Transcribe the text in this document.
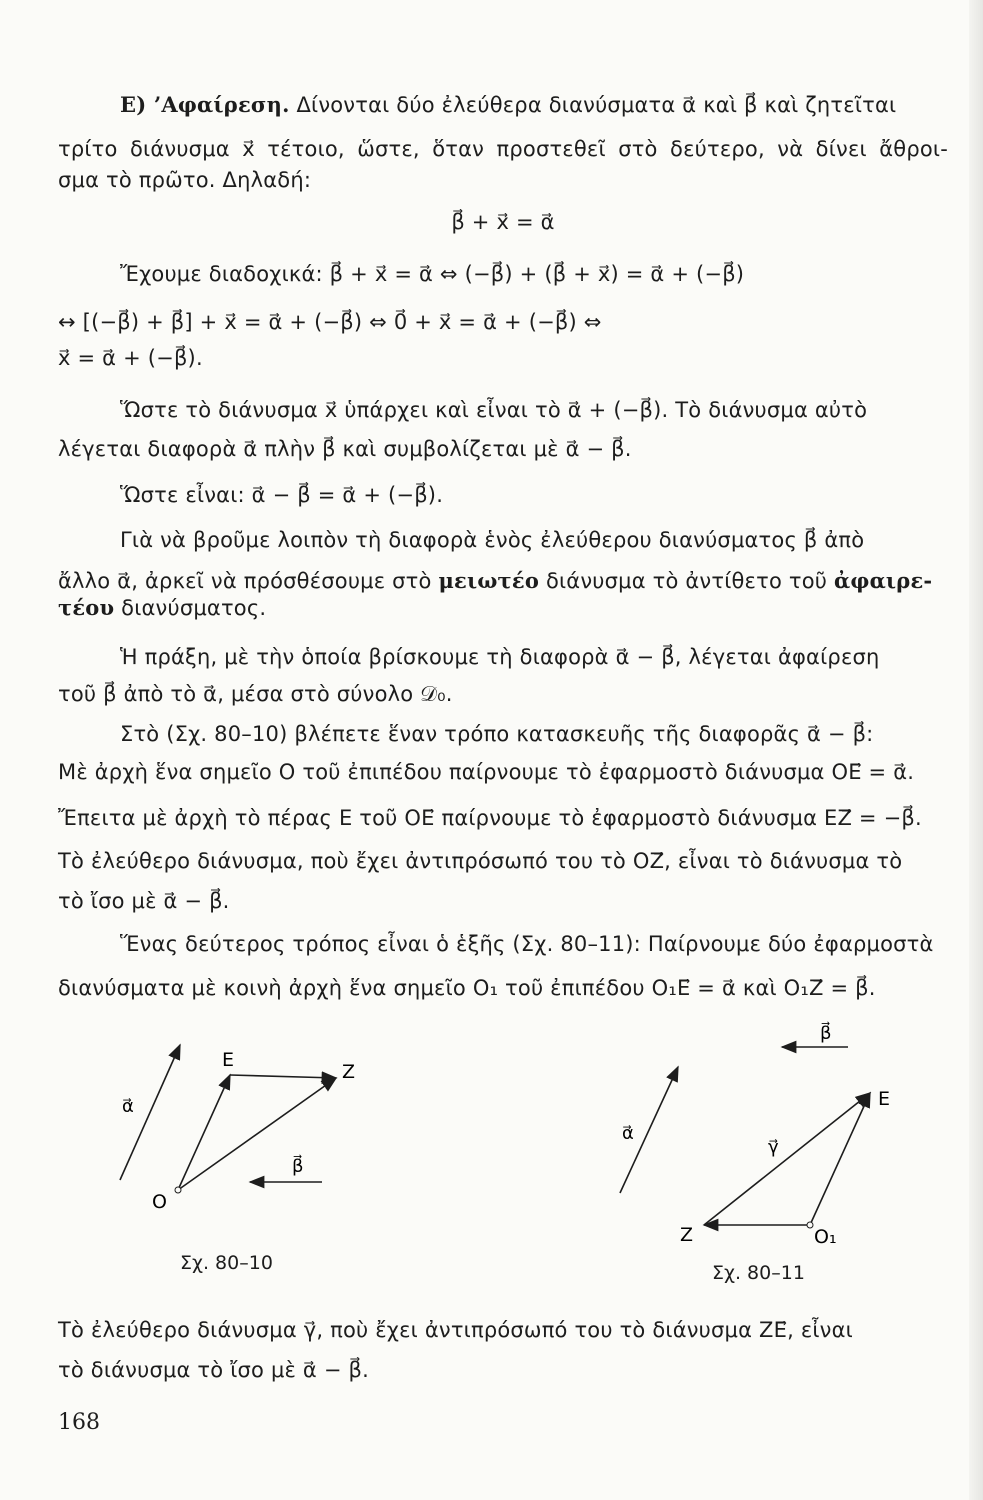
Ε) ’Αφαίρεση. Δίνονται δύο ἐλεύθερα διανύσματα α⃗ καὶ β⃗ καὶ ζητεῖται
τρίτο διάνυσμα x⃗ τέτοιο, ὥστε, ὅταν προστεθεῖ στὸ δεύτερο, νὰ δίνει ἄθροι-
σμα τὸ πρῶτο. Δηλαδή:
β⃗ + x⃗ = α⃗
Ἔχουμε διαδοχικά: β⃗ + x⃗ = α⃗ ⇔ (−β⃗) + (β⃗ + x⃗) = α⃗ + (−β⃗)
↔ [(−β⃗) + β⃗] + x⃗ = α⃗ + (−β⃗) ⇔ 0⃗ + x⃗ = α⃗ + (−β⃗) ⇔
x⃗ = α⃗ + (−β⃗).
Ὥστε τὸ διάνυσμα x⃗ ὑπάρχει καὶ εἶναι τὸ α⃗ + (−β⃗). Τὸ διάνυσμα αὐτὸ
λέγεται διαφορὰ α⃗ πλὴν β⃗ καὶ συμβολίζεται μὲ α⃗ − β⃗.
Ὥστε εἶναι: α⃗ − β⃗ = α⃗ + (−β⃗).
Γιὰ νὰ βροῦμε λοιπὸν τὴ διαφορὰ ἑνὸς ἐλεύθερου διανύσματος β⃗ ἀπὸ
ἄλλο α⃗, ἀρκεῖ νὰ πρόσθέσουμε στὸ μειωτέο διάνυσμα τὸ ἀντίθετο τοῦ ἀφαιρε-
τέου διανύσματος.
Ἡ πράξη, μὲ τὴν ὁποία βρίσκουμε τὴ διαφορὰ α⃗ − β⃗, λέγεται ἀφαίρεση
τοῦ β⃗ ἀπὸ τὸ α⃗, μέσα στὸ σύνολο 𝒟₀.
Στὸ (Σχ. 80–10) βλέπετε ἕναν τρόπο κατασκευῆς τῆς διαφορᾶς α⃗ − β⃗:
Μὲ ἀρχὴ ἕνα σημεῖο Ο τοῦ ἐπιπέδου παίρνουμε τὸ ἐφαρμοστὸ διάνυσμα ΟΕ⃗ = α⃗.
Ἔπειτα μὲ ἀρχὴ τὸ πέρας Ε τοῦ ΟΕ⃗ παίρνουμε τὸ ἐφαρμοστὸ διάνυσμα ΕΖ⃗ = −β⃗.
Τὸ ἐλεύθερο διάνυσμα, ποὺ ἔχει ἀντιπρόσωπό του τὸ ΟΖ⃗, εἶναι τὸ διάνυσμα τὸ
τὸ ἴσο μὲ α⃗ − β⃗.
Ἕνας δεύτερος τρόπος εἶναι ὁ ἑξῆς (Σχ. 80–11): Παίρνουμε δύο ἐφαρμοστὰ
διανύσματα μὲ κοινὴ ἀρχὴ ἕνα σημεῖο Ο₁ τοῦ ἐπιπέδου Ο₁Ε⃗ = α⃗ καὶ Ο₁Ζ⃗ = β⃗.
O
E
Z
α⃗
β⃗
Σχ. 80–10
β⃗
α⃗
γ⃗
E
Z	O₁
Σχ. 80–11
Τὸ ἐλεύθερο διάνυσμα γ⃗, ποὺ ἔχει ἀντιπρόσωπό του τὸ διάνυσμα ΖΕ⃗, εἶναι
τὸ διάνυσμα τὸ ἴσο μὲ α⃗ − β⃗.
168
